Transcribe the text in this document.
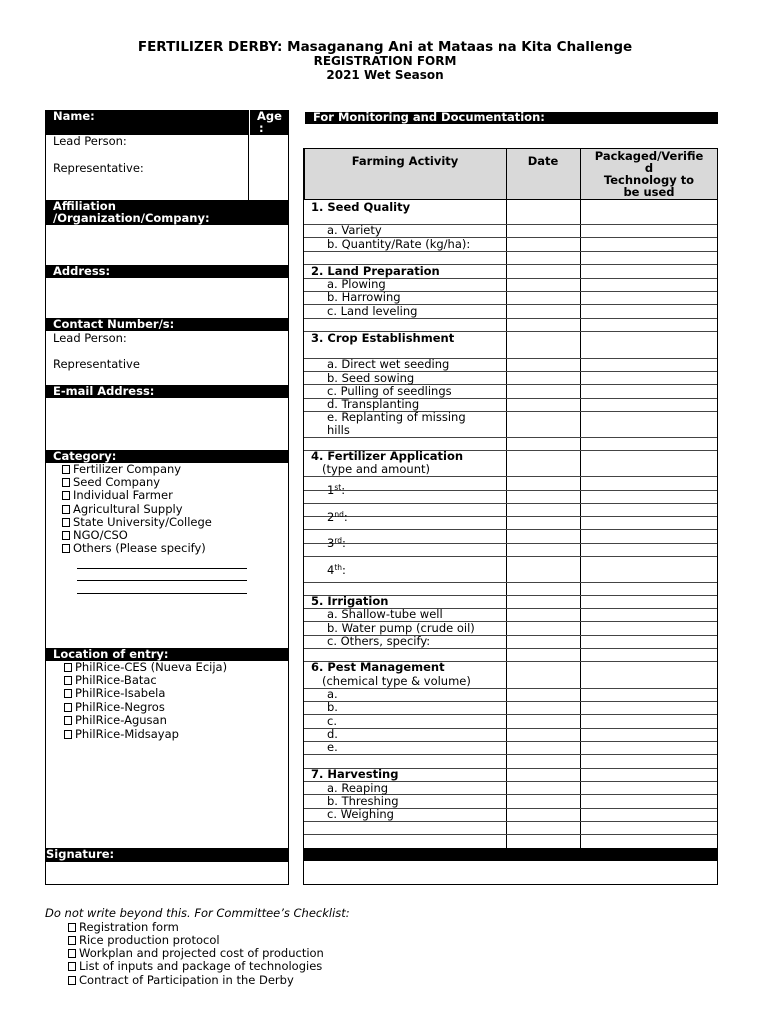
FERTILIZER DERBY: Masaganang Ani at Mataas na Kita Challenge
REGISTRATION FORM
2021 Wet Season
Name:	Age
:
Lead Person:
Representative:
Affiliation
/Organization/Company:
Address:
Contact Number/s:
Lead Person:
Representative
E-mail Address:
Category:
Fertilizer Company
Seed Company
Individual Farmer
Agricultural Supply
State University/College
NGO/CSO
Others (Please specify)
Location of entry:
PhilRice-CES (Nueva Ecija)
PhilRice-Batac
PhilRice-Isabela
PhilRice-Negros
PhilRice-Agusan
PhilRice-Midsayap
Signature:
For Monitoring and Documentation:
Farming Activity	Date	Packaged/Verifie
d
Technology to
be used
1. Seed Quality
a. Variety
b. Quantity/Rate (kg/ha):
2. Land Preparation
a. Plowing
b. Harrowing
c. Land leveling
3. Crop Establishment
a. Direct wet seeding
b. Seed sowing
c. Pulling of seedlings
d. Transplanting
e. Replanting of missing
hills
4. Fertilizer Application
(type and amount)
1st:
2nd:
3rd:
4th:
5. Irrigation
a. Shallow-tube well
b. Water pump (crude oil)
c. Others, specify:
6. Pest Management
(chemical type & volume)
a.
b.
c.
d.
e.
7. Harvesting
a. Reaping
b. Threshing
c. Weighing
Do not write beyond this. For Committee’s Checklist:
Registration form
Rice production protocol
Workplan and projected cost of production
List of inputs and package of technologies
Contract of Participation in the Derby
